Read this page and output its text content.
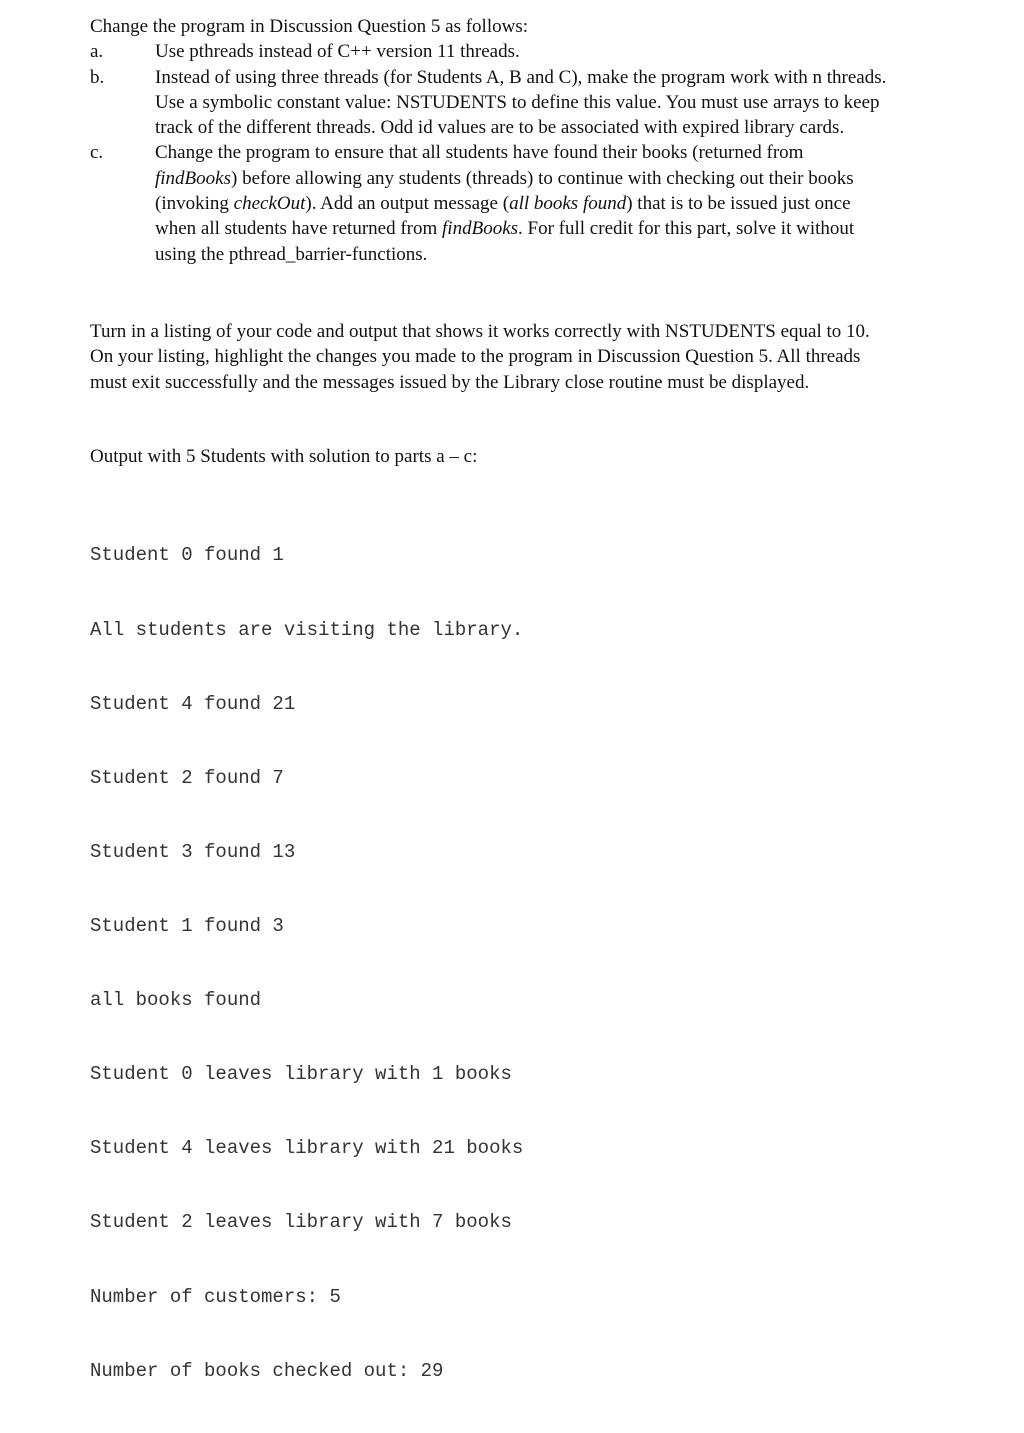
Change the program in Discussion Question 5 as follows:

a.	Use pthreads instead of C++ version 11 threads.
b.	Instead of using three threads (for Students A, B and C), make the program work with n threads. Use a symbolic constant value: NSTUDENTS to define this value. You must use arrays to keep track of the different threads. Odd id values are to be associated with expired library cards.
c.	Change the program to ensure that all students have found their books (returned from findBooks) before allowing any students (threads) to continue with checking out their books (invoking checkOut). Add an output message (all books found) that is to be issued just once when all students have returned from findBooks. For full credit for this part, solve it without using the pthread_barrier-functions.

Turn in a listing of your code and output that shows it works correctly with NSTUDENTS equal to 10. On your listing, highlight the changes you made to the program in Discussion Question 5. All threads must exit successfully and the messages issued by the Library close routine must be displayed.

Output with 5 Students with solution to parts a – c:

Student 0 found 1

All students are visiting the library.

Student 4 found 21

Student 2 found 7

Student 3 found 13

Student 1 found 3

all books found

Student 0 leaves library with 1 books

Student 4 leaves library with 21 books

Student 2 leaves library with 7 books

Number of customers: 5

Number of books checked out: 29
